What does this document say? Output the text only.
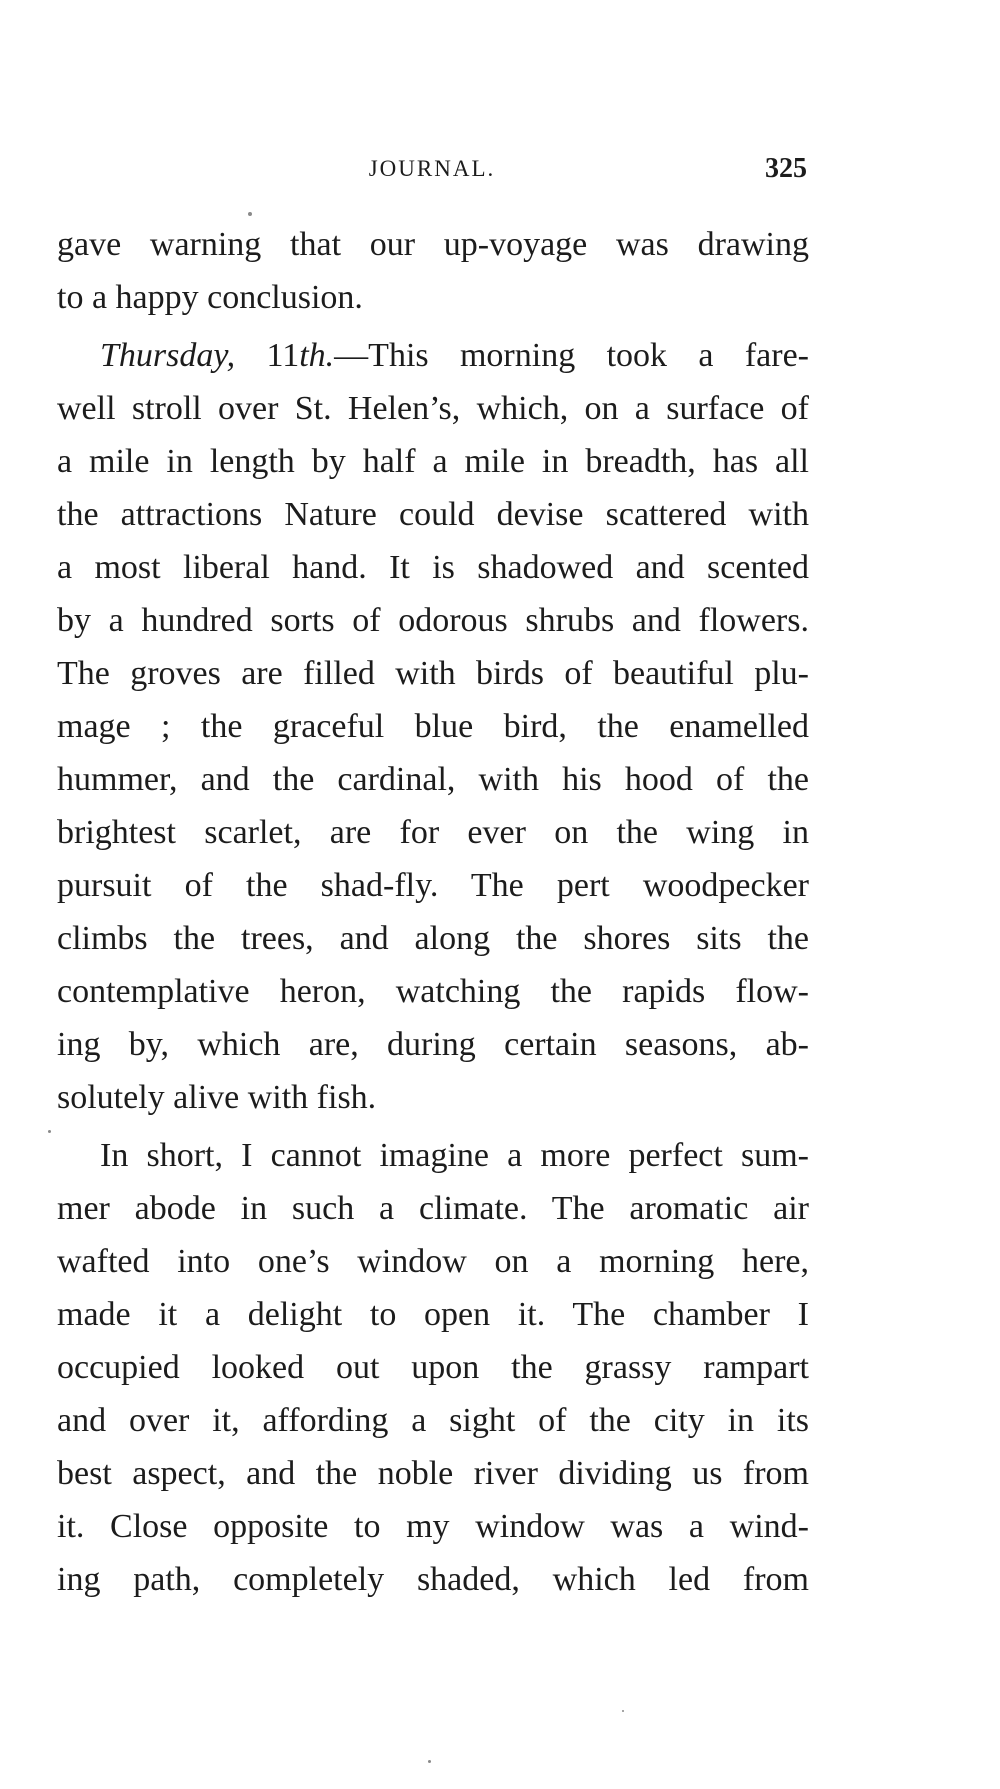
JOURNAL.	325
gave warning that our up-voyage was drawing
to a happy conclusion.
Thursday, 11th.—This morning took a fare-
well stroll over St. Helen’s, which, on a surface of
a mile in length by half a mile in breadth, has all
the attractions Nature could devise scattered with
a most liberal hand. It is shadowed and scented
by a hundred sorts of odorous shrubs and flowers.
The groves are filled with birds of beautiful plu-
mage ; the graceful blue bird, the enamelled
hummer, and the cardinal, with his hood of the
brightest scarlet, are for ever on the wing in
pursuit of the shad-fly. The pert woodpecker
climbs the trees, and along the shores sits the
contemplative heron, watching the rapids flow-
ing by, which are, during certain seasons, ab-
solutely alive with fish.
In short, I cannot imagine a more perfect sum-
mer abode in such a climate. The aromatic air
wafted into one’s window on a morning here,
made it a delight to open it. The chamber I
occupied looked out upon the grassy rampart
and over it, affording a sight of the city in its
best aspect, and the noble river dividing us from
it. Close opposite to my window was a wind-
ing path, completely shaded, which led from
